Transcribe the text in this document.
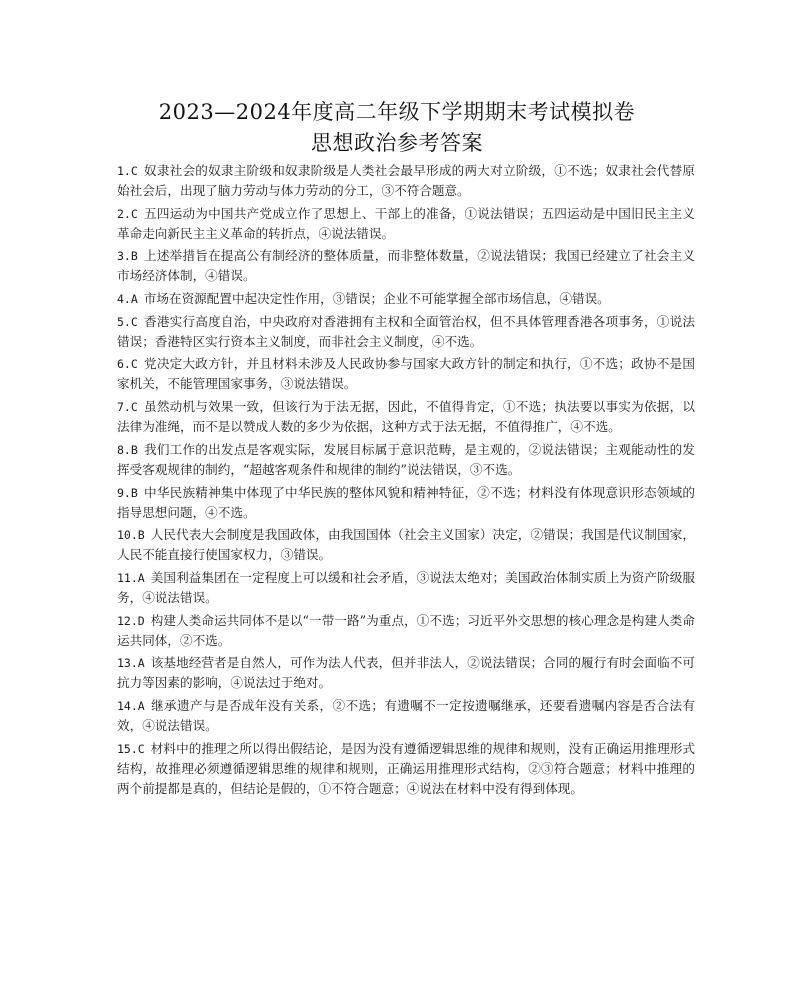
2023—2024年度高二年级下学期期末考试模拟卷
思想政治参考答案

1.C 奴隶社会的奴隶主阶级和奴隶阶级是人类社会最早形成的两大对立阶级，①不选；奴隶社会代替原始社会后，出现了脑力劳动与体力劳动的分工，③不符合题意。

2.C 五四运动为中国共产党成立作了思想上、干部上的准备，①说法错误；五四运动是中国旧民主主义革命走向新民主主义革命的转折点，④说法错误。

3.B 上述举措旨在提高公有制经济的整体质量，而非整体数量，②说法错误；我国已经建立了社会主义市场经济体制，④错误。

4.A 市场在资源配置中起决定性作用，③错误；企业不可能掌握全部市场信息，④错误。

5.C 香港实行高度自治，中央政府对香港拥有主权和全面管治权，但不具体管理香港各项事务，①说法错误；香港特区实行资本主义制度，而非社会主义制度，④不选。

6.C 党决定大政方针，并且材料未涉及人民政协参与国家大政方针的制定和执行，①不选；政协不是国家机关，不能管理国家事务，③说法错误。

7.C 虽然动机与效果一致，但该行为于法无据，因此，不值得肯定，①不选；执法要以事实为依据，以法律为准绳，而不是以赞成人数的多少为依据，这种方式于法无据，不值得推广，④不选。

8.B 我们工作的出发点是客观实际，发展目标属于意识范畴，是主观的，②说法错误；主观能动性的发挥受客观规律的制约，“超越客观条件和规律的制约”说法错误，③不选。

9.B 中华民族精神集中体现了中华民族的整体风貌和精神特征，②不选；材料没有体现意识形态领域的指导思想问题，④不选。

10.B 人民代表大会制度是我国政体，由我国国体（社会主义国家）决定，②错误；我国是代议制国家，人民不能直接行使国家权力，③错误。

11.A 美国利益集团在一定程度上可以缓和社会矛盾，③说法太绝对；美国政治体制实质上为资产阶级服务，④说法错误。

12.D 构建人类命运共同体不是以“一带一路”为重点，①不选；习近平外交思想的核心理念是构建人类命运共同体，②不选。

13.A 该基地经营者是自然人，可作为法人代表，但并非法人，②说法错误；合同的履行有时会面临不可抗力等因素的影响，④说法过于绝对。

14.A 继承遗产与是否成年没有关系，②不选；有遗嘱不一定按遗嘱继承，还要看遗嘱内容是否合法有效，④说法错误。

15.C 材料中的推理之所以得出假结论，是因为没有遵循逻辑思维的规律和规则，没有正确运用推理形式结构，故推理必须遵循逻辑思维的规律和规则，正确运用推理形式结构，②③符合题意；材料中推理的两个前提都是真的，但结论是假的，①不符合题意；④说法在材料中没有得到体现。
